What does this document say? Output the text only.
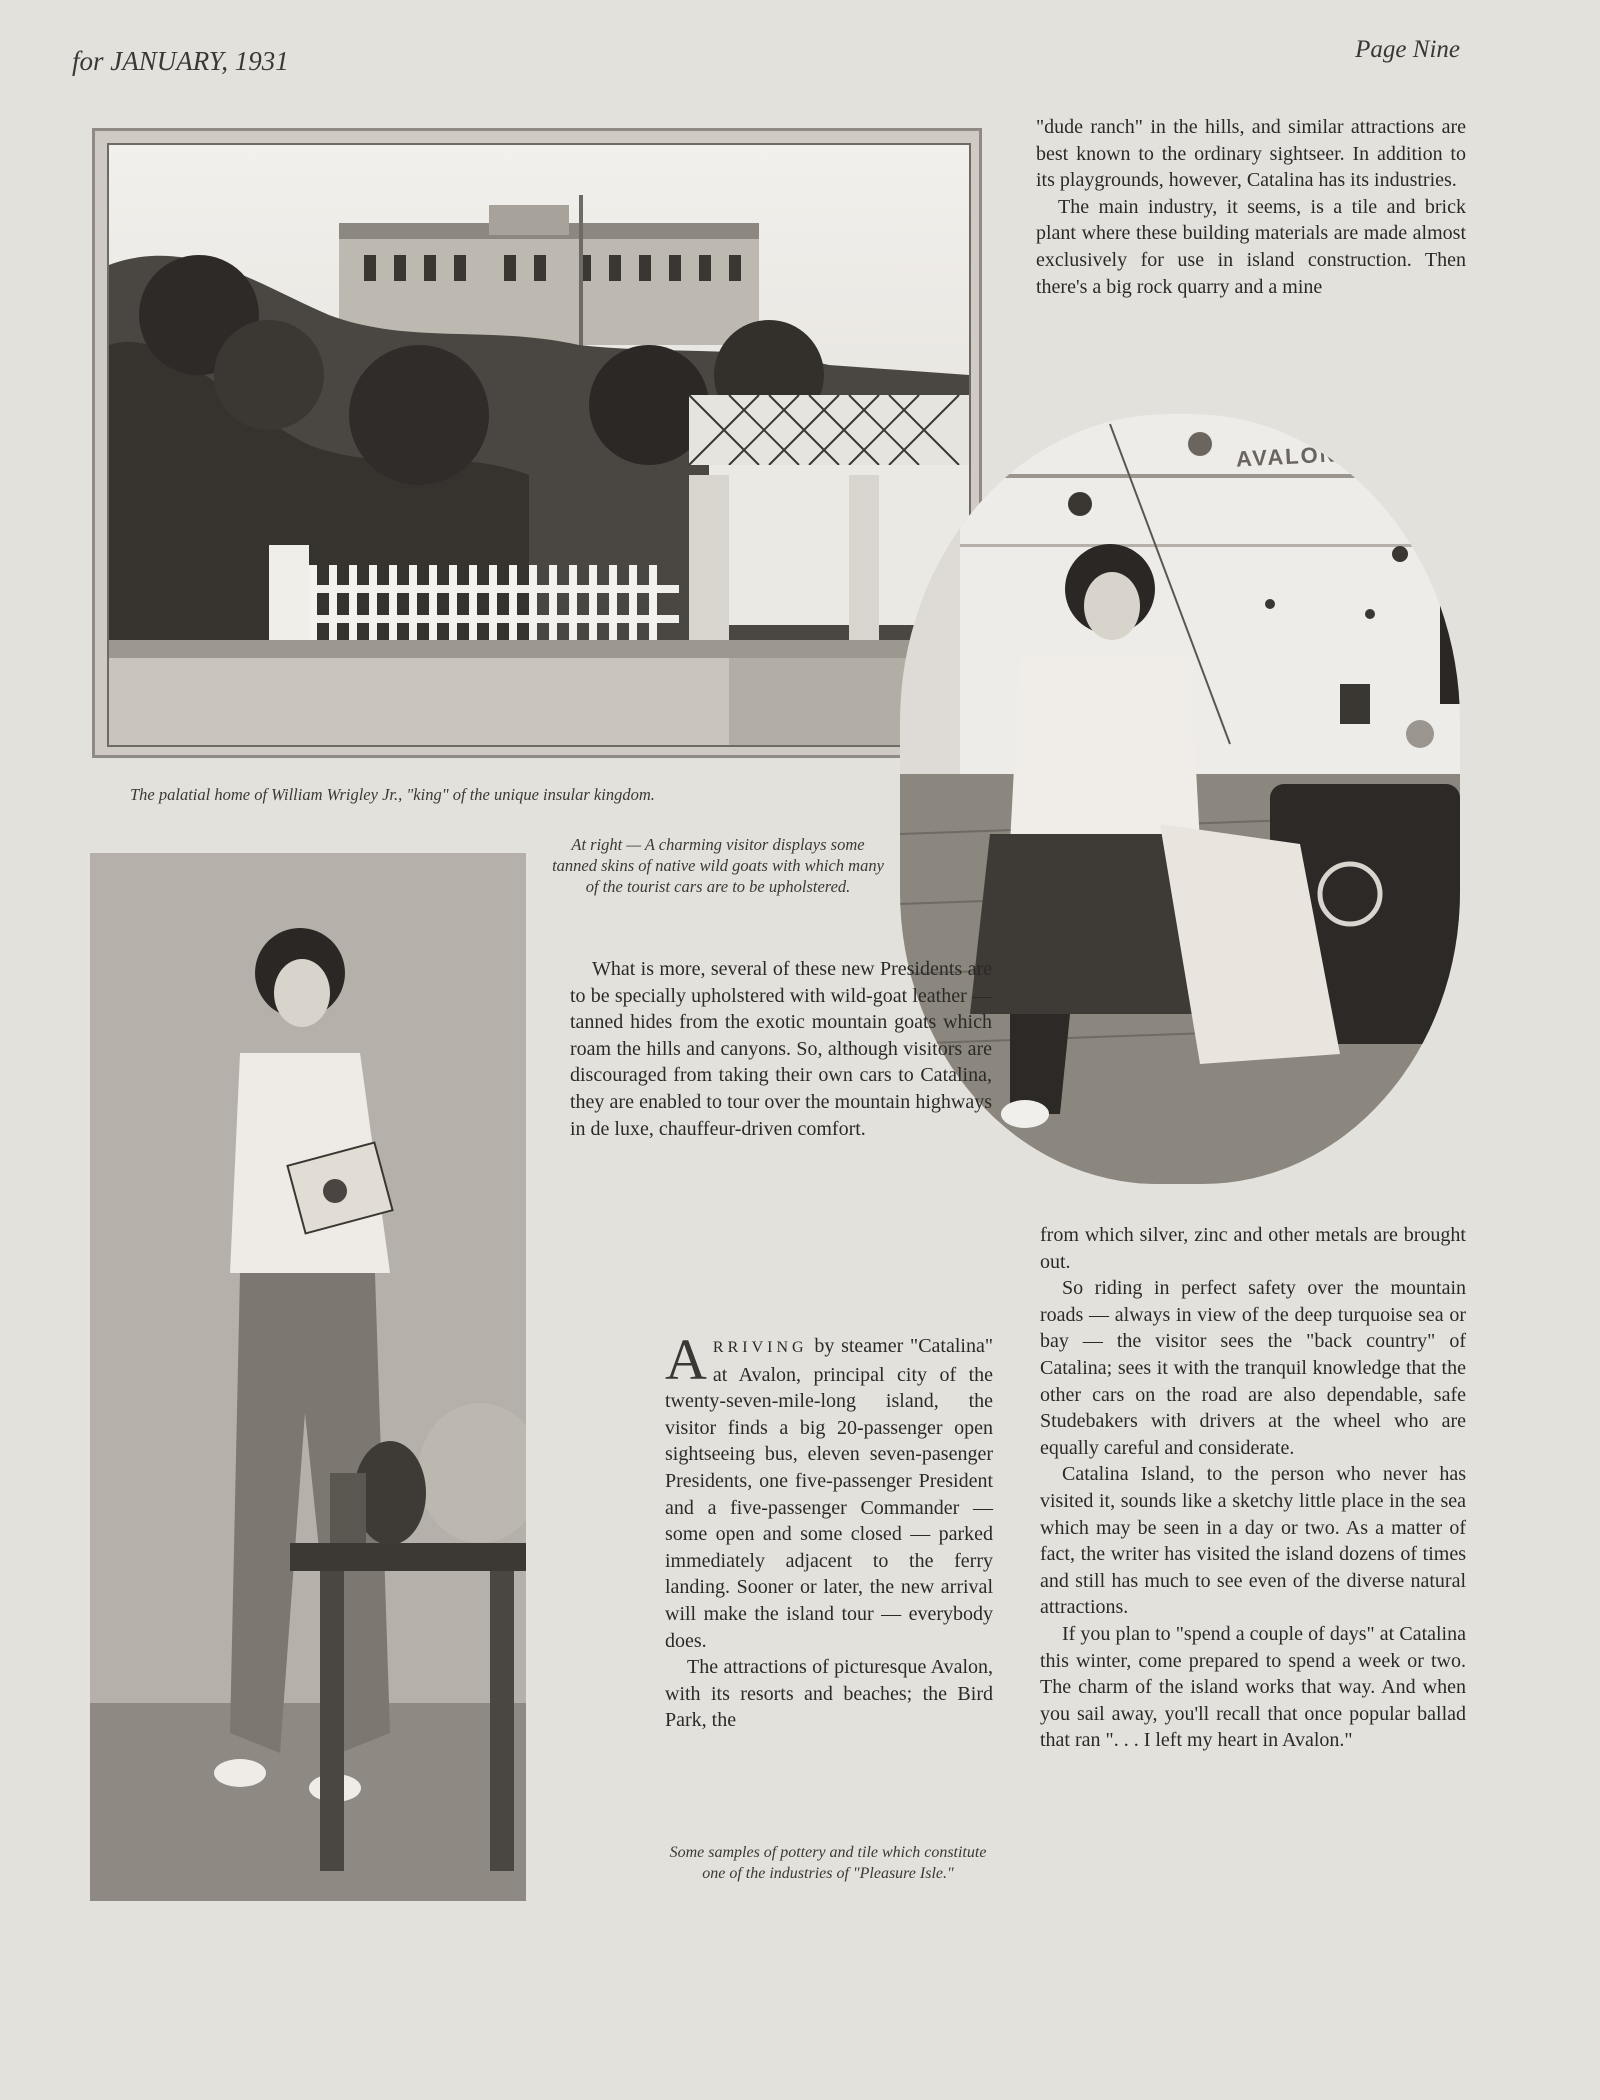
for JANUARY, 1931	Page Nine
The palatial home of William Wrigley Jr., "king" of the unique insular kingdom.
AVALON
At right — A charming visitor displays some tanned skins of native wild goats with which many of the tourist cars are to be upholstered.

What is more, several of these new Presidents are to be specially upholstered with wild-goat leather — tanned hides from the exotic mountain goats which roam the hills and canyons. So, although visitors are discouraged from taking their own cars to Catalina, they are enabled to tour over the mountain highways in de luxe, chauffeur-driven comfort.

ARRIVING by steamer "Catalina" at Avalon, principal city of the twenty-seven-mile-long island, the visitor finds a big 20-passenger open sightseeing bus, eleven seven-pasenger Presidents, one five-passenger President and a five-passenger Commander — some open and some closed — parked immediately adjacent to the ferry landing. Sooner or later, the new arrival will make the island tour — everybody does.

The attractions of picturesque Avalon, with its resorts and beaches; the Bird Park, the

Some samples of pottery and tile which constitute one of the industries of "Pleasure Isle."

"dude ranch" in the hills, and similar attractions are best known to the ordinary sightseer. In addition to its playgrounds, however, Catalina has its industries.

The main industry, it seems, is a tile and brick plant where these building materials are made almost exclusively for use in island construction. Then there's a big rock quarry and a mine

from which silver, zinc and other metals are brought out.

So riding in perfect safety over the mountain roads — always in view of the deep turquoise sea or bay — the visitor sees the "back country" of Catalina; sees it with the tranquil knowledge that the other cars on the road are also dependable, safe Studebakers with drivers at the wheel who are equally careful and considerate.

Catalina Island, to the person who never has visited it, sounds like a sketchy little place in the sea which may be seen in a day or two. As a matter of fact, the writer has visited the island dozens of times and still has much to see even of the diverse natural attractions.

If you plan to "spend a couple of days" at Catalina this winter, come prepared to spend a week or two. The charm of the island works that way. And when you sail away, you'll recall that once popular ballad that ran ". . . I left my heart in Avalon."
